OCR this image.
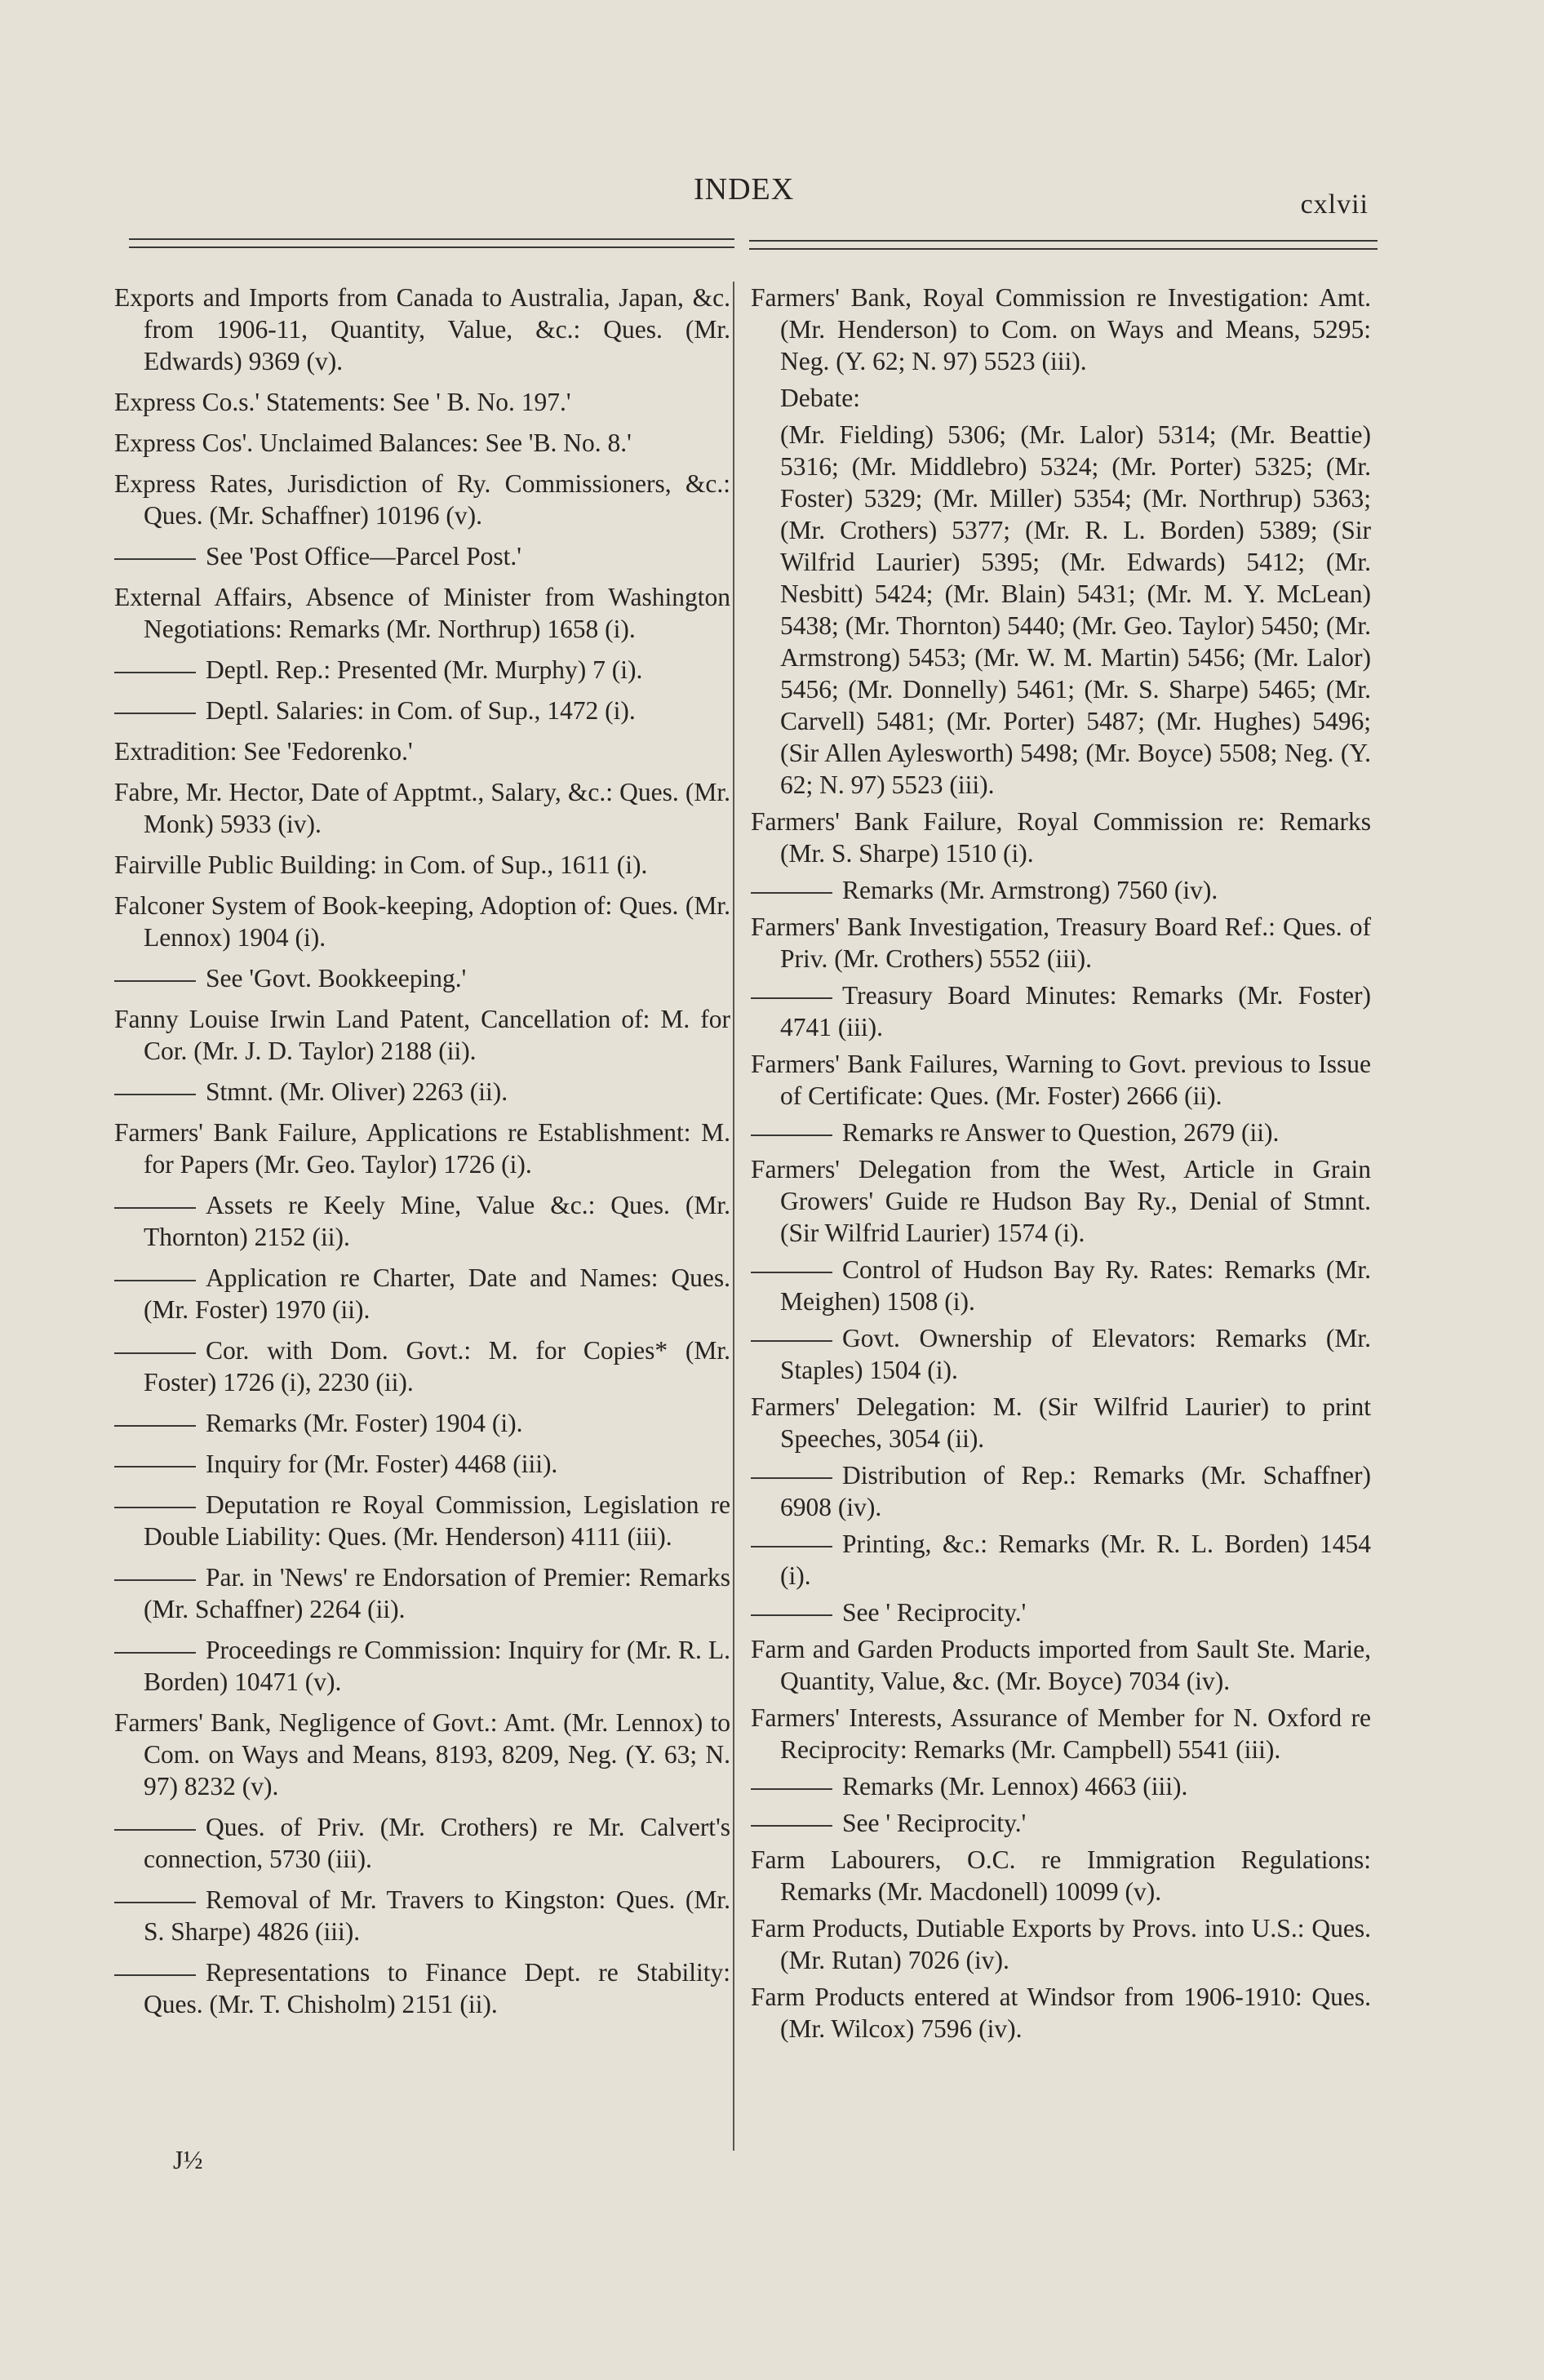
INDEX	cxlvii
Exports and Imports from Canada to Australia, Japan, &c. from 1906-11, Quantity, Value, &c.: Ques. (Mr. Edwards) 9369 (v).
Express Co.s.' Statements: See ' B. No. 197.'
Express Cos'. Unclaimed Balances: See 'B. No. 8.'
Express Rates, Jurisdiction of Ry. Commissioners, &c.: Ques. (Mr. Schaffner) 10196 (v).
See 'Post Office—Parcel Post.'
External Affairs, Absence of Minister from Washington Negotiations: Remarks (Mr. Northrup) 1658 (i).
Deptl. Rep.: Presented (Mr. Murphy) 7 (i).
Deptl. Salaries: in Com. of Sup., 1472 (i).
Extradition: See 'Fedorenko.'
Fabre, Mr. Hector, Date of Apptmt., Salary, &c.: Ques. (Mr. Monk) 5933 (iv).
Fairville Public Building: in Com. of Sup., 1611 (i).
Falconer System of Book-keeping, Adoption of: Ques. (Mr. Lennox) 1904 (i).
See 'Govt. Bookkeeping.'
Fanny Louise Irwin Land Patent, Cancellation of: M. for Cor. (Mr. J. D. Taylor) 2188 (ii).
Stmnt. (Mr. Oliver) 2263 (ii).
Farmers' Bank Failure, Applications re Establishment: M. for Papers (Mr. Geo. Taylor) 1726 (i).
Assets re Keely Mine, Value &c.: Ques. (Mr. Thornton) 2152 (ii).
Application re Charter, Date and Names: Ques. (Mr. Foster) 1970 (ii).
Cor. with Dom. Govt.: M. for Copies* (Mr. Foster) 1726 (i), 2230 (ii).
Remarks (Mr. Foster) 1904 (i).
Inquiry for (Mr. Foster) 4468 (iii).
Deputation re Royal Commission, Legislation re Double Liability: Ques. (Mr. Henderson) 4111 (iii).
Par. in 'News' re Endorsation of Premier: Remarks (Mr. Schaffner) 2264 (ii).
Proceedings re Commission: Inquiry for (Mr. R. L. Borden) 10471 (v).
Farmers' Bank, Negligence of Govt.: Amt. (Mr. Lennox) to Com. on Ways and Means, 8193, 8209, Neg. (Y. 63; N. 97) 8232 (v).
Ques. of Priv. (Mr. Crothers) re Mr. Calvert's connection, 5730 (iii).
Removal of Mr. Travers to Kingston: Ques. (Mr. S. Sharpe) 4826 (iii).
Representations to Finance Dept. re Stability: Ques. (Mr. T. Chisholm) 2151 (ii).
Farmers' Bank, Royal Commission re Investigation: Amt. (Mr. Henderson) to Com. on Ways and Means, 5295: Neg. (Y. 62; N. 97) 5523 (iii).
Debate:
(Mr. Fielding) 5306; (Mr. Lalor) 5314; (Mr. Beattie) 5316; (Mr. Middlebro) 5324; (Mr. Porter) 5325; (Mr. Foster) 5329; (Mr. Miller) 5354; (Mr. Northrup) 5363; (Mr. Crothers) 5377; (Mr. R. L. Borden) 5389; (Sir Wilfrid Laurier) 5395; (Mr. Edwards) 5412; (Mr. Nesbitt) 5424; (Mr. Blain) 5431; (Mr. M. Y. McLean) 5438; (Mr. Thornton) 5440; (Mr. Geo. Taylor) 5450; (Mr. Armstrong) 5453; (Mr. W. M. Martin) 5456; (Mr. Lalor) 5456; (Mr. Donnelly) 5461; (Mr. S. Sharpe) 5465; (Mr. Carvell) 5481; (Mr. Porter) 5487; (Mr. Hughes) 5496; (Sir Allen Aylesworth) 5498; (Mr. Boyce) 5508; Neg. (Y. 62; N. 97) 5523 (iii).
Farmers' Bank Failure, Royal Commission re: Remarks (Mr. S. Sharpe) 1510 (i).
Remarks (Mr. Armstrong) 7560 (iv).
Farmers' Bank Investigation, Treasury Board Ref.: Ques. of Priv. (Mr. Crothers) 5552 (iii).
Treasury Board Minutes: Remarks (Mr. Foster) 4741 (iii).
Farmers' Bank Failures, Warning to Govt. previous to Issue of Certificate: Ques. (Mr. Foster) 2666 (ii).
Remarks re Answer to Question, 2679 (ii).
Farmers' Delegation from the West, Article in Grain Growers' Guide re Hudson Bay Ry., Denial of Stmnt. (Sir Wilfrid Laurier) 1574 (i).
Control of Hudson Bay Ry. Rates: Remarks (Mr. Meighen) 1508 (i).
Govt. Ownership of Elevators: Remarks (Mr. Staples) 1504 (i).
Farmers' Delegation: M. (Sir Wilfrid Laurier) to print Speeches, 3054 (ii).
Distribution of Rep.: Remarks (Mr. Schaffner) 6908 (iv).
Printing, &c.: Remarks (Mr. R. L. Borden) 1454 (i).
See ' Reciprocity.'
Farm and Garden Products imported from Sault Ste. Marie, Quantity, Value, &c. (Mr. Boyce) 7034 (iv).
Farmers' Interests, Assurance of Member for N. Oxford re Reciprocity: Remarks (Mr. Campbell) 5541 (iii).
Remarks (Mr. Lennox) 4663 (iii).
See ' Reciprocity.'
Farm Labourers, O.C. re Immigration Regulations: Remarks (Mr. Macdonell) 10099 (v).
Farm Products, Dutiable Exports by Provs. into U.S.: Ques. (Mr. Rutan) 7026 (iv).
Farm Products entered at Windsor from 1906-1910: Ques. (Mr. Wilcox) 7596 (iv).
J½
